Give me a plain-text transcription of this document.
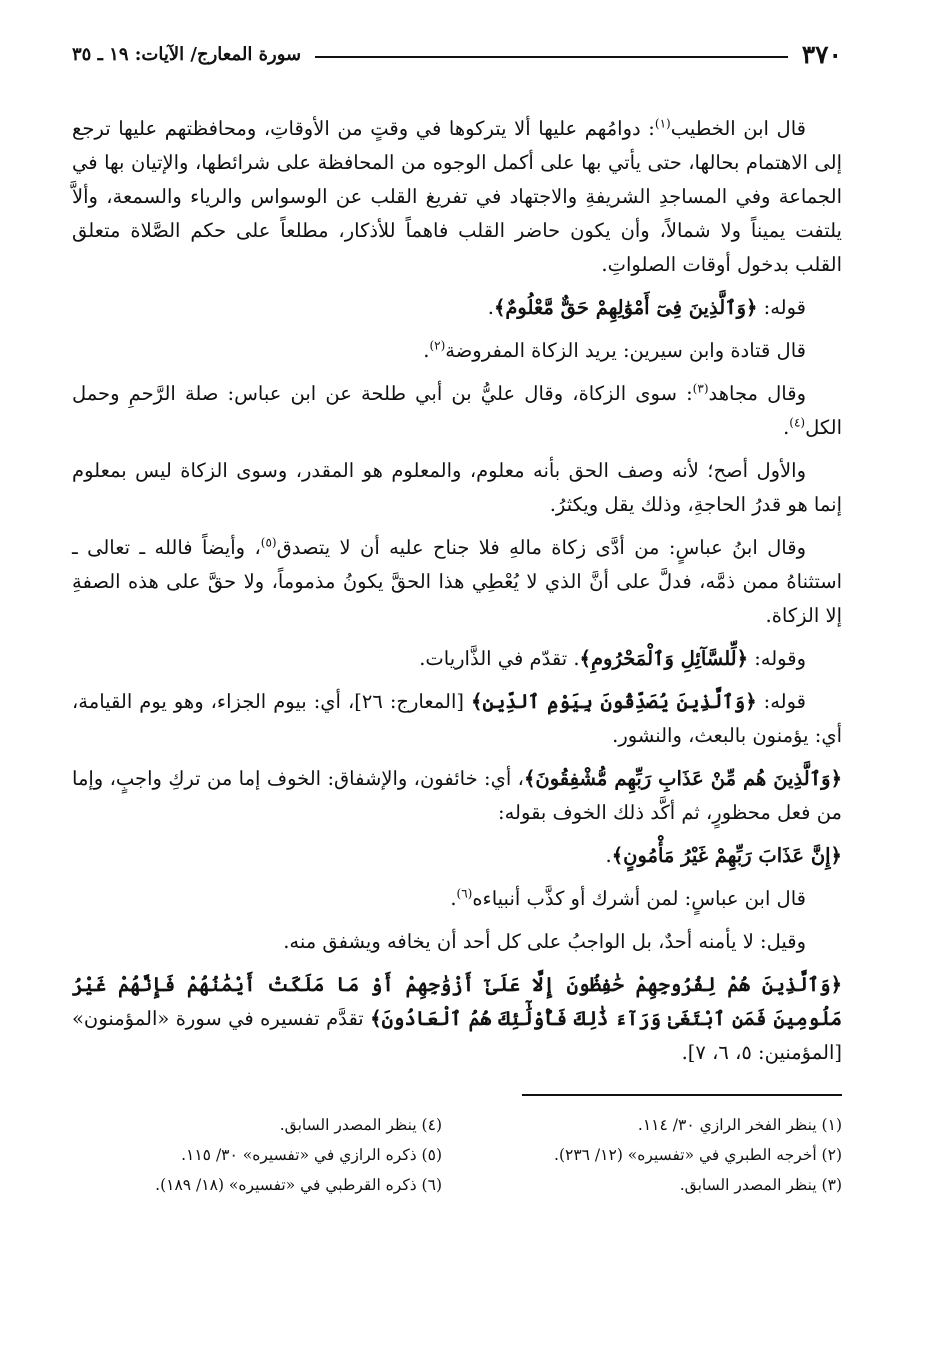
٣٧٠
سورة المعارج/ الآيات: ١٩ ـ ٣٥

قال ابن الخطيب$^{(١)}$: دوامُهم عليها ألا يتركوها في وقتٍ من الأوقاتِ، ومحافظتهم عليها ترجع إلى الاهتمام بحالها، حتى يأتي بها على أكمل الوجوه من المحافظة على شرائطها، والإتيان بها في الجماعة وفي المساجدِ الشريفةِ والاجتهاد في تفريغ القلب عن الوسواس والرياء والسمعة، وألاَّ يلتفت يميناً ولا شمالاً، وأن يكون حاضر القلب فاهماً للأذكار، مطلعاً على حكم الصَّلاة متعلق القلب بدخول أوقات الصلواتِ.

قوله: ﴿وَٱلَّذِينَ فِىٓ أَمْوَٰلِهِمْ حَقٌّ مَّعْلُومٌ﴾.

قال قتادة وابن سيرين: يريد الزكاة المفروضة$^{(٢)}$.

وقال مجاهد$^{(٣)}$: سوى الزكاة، وقال عليُّ بن أبي طلحة عن ابن عباس: صلة الرَّحمِ وحمل الكل$^{(٤)}$.

والأول أصح؛ لأنه وصف الحق بأنه معلوم، والمعلوم هو المقدر، وسوى الزكاة ليس بمعلوم إنما هو قدرُ الحاجةِ، وذلك يقل ويكثرُ.

وقال ابنُ عباسٍ: من أدَّى زكاة مالهِ فلا جناح عليه أن لا يتصدق$^{(٥)}$، وأيضاً فالله ـ تعالى ـ استثناهُ ممن ذمَّه، فدلَّ على أنَّ الذي لا يُعْطِي هذا الحقَّ يكونُ مذموماً، ولا حقَّ على هذه الصفةِ إلا الزكاة.

وقوله: ﴿لِّلسَّآئِلِ وَٱلْمَحْرُومِ﴾. تقدّم في الذَّاريات.

قوله: ﴿وَٱلَّذِينَ يُصَدِّقُونَ بِيَوْمِ ٱلدِّينِ﴾ [المعارج: ٢٦]، أي: بيوم الجزاء، وهو يوم القيامة، أي: يؤمنون بالبعث، والنشور.

﴿وَٱلَّذِينَ هُم مِّنْ عَذَابِ رَبِّهِم مُّشْفِقُونَ﴾، أي: خائفون، والإشفاق: الخوف إما من تركِ واجبٍ، وإما من فعل محظورٍ، ثم أكَّد ذلك الخوف بقوله:

﴿إِنَّ عَذَابَ رَبِّهِمْ غَيْرُ مَأْمُونٍ﴾.

قال ابن عباسٍ: لمن أشرك أو كذَّب أنبياءه$^{(٦)}$.

وقيل: لا يأمنه أحدٌ، بل الواجبُ على كل أحد أن يخافه ويشفق منه.

﴿وَٱلَّذِينَ هُمْ لِفُرُوجِهِمْ حَٰفِظُونَ إِلَّا عَلَىٰٓ أَزْوَٰجِهِمْ أَوْ مَا مَلَكَتْ أَيْمَٰنُهُمْ فَإِنَّهُمْ غَيْرُ مَلُومِينَ فَمَنِ ٱبْتَغَىٰ وَرَآءَ ذَٰلِكَ فَأُوْلَٰٓئِكَ هُمُ ٱلْعَادُونَ﴾ تقدَّم تفسيره في سورة «المؤمنون» [المؤمنين: ٥، ٦، ٧].

(١) ينظر الفخر الرازي ٣٠/ ١١٤.
(٤) ينظر المصدر السابق.
(٢) أخرجه الطبري في «تفسيره» (١٢/ ٢٣٦).
(٥) ذكره الرازي في «تفسيره» ٣٠/ ١١٥.
(٣) ينظر المصدر السابق.
(٦) ذكره القرطبي في «تفسيره» (١٨/ ١٨٩).
